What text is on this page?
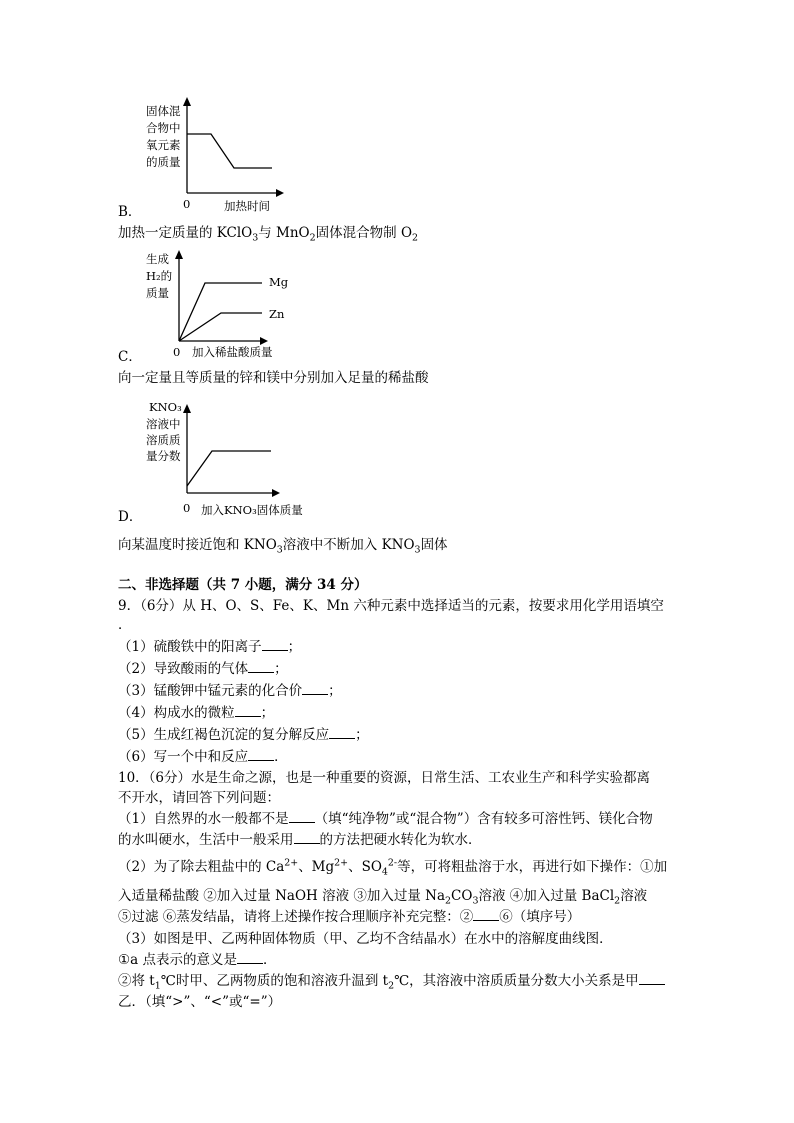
固体混
合物中
氧元素
的质量
0	加热时间
B．
加热一定质量的 KClO$_3$与 MnO$_2$固体混合物制 $O_2$
生成
H₂的
质量
Mg
Zn
0 加入稀盐酸质量
C．
向一定量且等质量的锌和镁中分别加入足量的稀盐酸
KNO₃
溶液中
溶质质
量分数
0 加入KNO₃固体质量
D．
向某温度时接近饱和 $KNO_3$溶液中不断加入 $KNO_3$固体
二、非选择题（共 7 小题，满分 34 分）
9．（6分）从 H、O、S、Fe、K、Mn 六种元素中选择适当的元素，按要求用化学用语填空
．
（1）硫酸铁中的阳离子 ；
（2）导致酸雨的气体 ；
（3）锰酸钾中锰元素的化合价 ；
（4）构成水的微粒 ；
（5）生成红褐色沉淀的复分解反应 ；
（6）写一个中和反应 ．
10．（6分）水是生命之源，也是一种重要的资源，日常生活、工农业生产和科学实验都离
不开水，请回答下列问题：
（1）自然界的水一般都不是 （填“纯净物”或“混合物”）含有较多可溶性钙、镁化合物
的水叫硬水，生活中一般采用 的方法把硬水转化为软水．
（2）为了除去粗盐中的 $Ca^{2+}$、$Mg^{2+}$、$SO_4^{2-}$等，可将粗盐溶于水，再进行如下操作：①加
入适量稀盐酸 ②加入过量 NaOH 溶液 ③加入过量 $Na_2CO_3$溶液 ④加入过量 BaCl$_2$溶液
⑤过滤 ⑥蒸发结晶，请将上述操作按合理顺序补充完整：② ⑥（填序号）
（3）如图是甲、乙两种固体物质（甲、乙均不含结晶水）在水中的溶解度曲线图．
①a 点表示的意义是 ．
②将 $t_1℃$时甲、乙两物质的饱和溶液升温到 $t_2℃$，其溶液中溶质质量分数大小关系是甲
乙．（填“>”、“<”或“=”）
